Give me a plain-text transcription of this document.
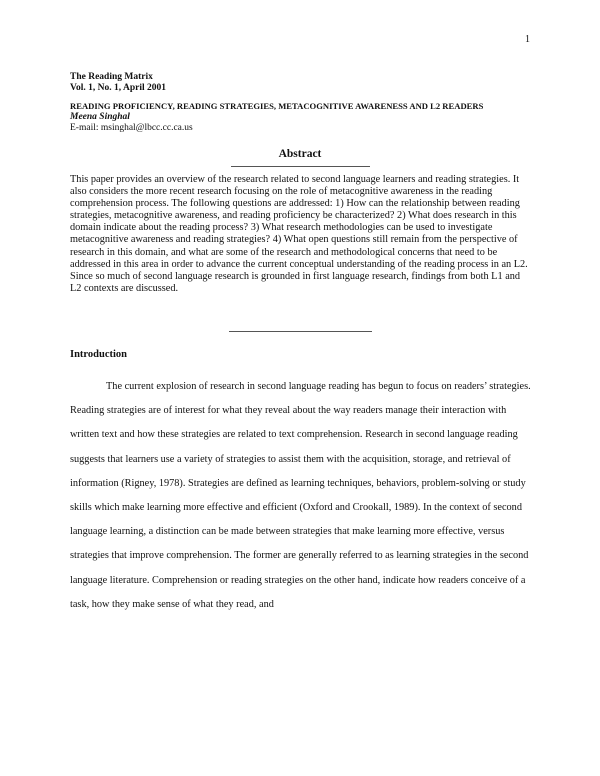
1
The Reading Matrix
Vol. 1, No. 1, April 2001
READING PROFICIENCY, READING STRATEGIES, METACOGNITIVE AWARENESS AND L2 READERS
Meena Singhal
E-mail: msinghal@lbcc.cc.ca.us
Abstract

This paper provides an overview of the research related to second language learners and reading strategies. It also considers the more recent research focusing on the role of metacognitive awareness in the reading comprehension process. The following questions are addressed: 1) How can the relationship between reading strategies, metacognitive awareness, and reading proficiency be characterized? 2) What does research in this domain indicate about the reading process? 3) What research methodologies can be used to investigate metacognitive awareness and reading strategies? 4) What open questions still remain from the perspective of research in this domain, and what are some of the research and methodological concerns that need to be addressed in this area in order to advance the current conceptual understanding of the reading process in an L2. Since so much of second language research is grounded in first language research, findings from both L1 and L2 contexts are discussed.

Introduction

The current explosion of research in second language reading has begun to focus on readers’ strategies. Reading strategies are of interest for what they reveal about the way readers manage their interaction with written text and how these strategies are related to text comprehension. Research in second language reading suggests that learners use a variety of strategies to assist them with the acquisition, storage, and retrieval of information (Rigney, 1978). Strategies are defined as learning techniques, behaviors, problem-solving or study skills which make learning more effective and efficient (Oxford and Crookall, 1989). In the context of second language learning, a distinction can be made between strategies that make learning more effective, versus strategies that improve comprehension. The former are generally referred to as learning strategies in the second language literature. Comprehension or reading strategies on the other hand, indicate how readers conceive of a task, how they make sense of what they read, and
